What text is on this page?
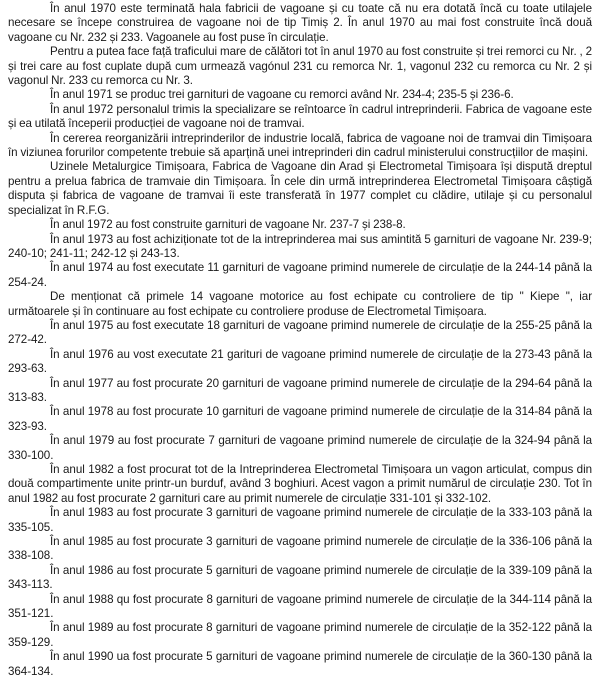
În anul 1970 este terminată hala fabricii de vagoane și cu toate că nu era dotată încă cu toate utilajele necesare se începe construirea de vagoane noi de tip Timiș 2. În anul 1970 au mai fost construite încă două vagoane cu Nr. 232 și 233. Vagoanele au fost puse în circulație.

Pentru a putea face față traficului mare de călători tot în anul 1970 au fost construite și trei remorci cu Nr. , 2 și trei care au fost cuplate după cum urmează vagónul 231 cu remorca Nr. 1, vagonul 232 cu remorca cu Nr. 2 și vagonul Nr. 233 cu remorca cu Nr. 3.

În anul 1971 se produc trei garnituri de vagoane cu remorci având Nr. 234-4; 235-5 și 236-6.

În anul 1972 personalul trimis la specializare se reîntoarce în cadrul intreprinderii. Fabrica de vagoane este și ea utilată începerii producției de vagoane noi de tramvai.

În cererea reorganizării intreprinderilor de industrie locală, fabrica de vagoane noi de tramvai din Timișoara în viziunea forurilor competente trebuie să aparțină unei intreprinderi din cadrul ministerului construcțiilor de mașini.

Uzinele Metalurgice Timișoara, Fabrica de Vagoane din Arad și Electrometal Timișoara își dispută dreptul pentru a prelua fabrica de tramvaie din Timișoara. În cele din urmă intreprinderea Electrometal Timișoara câștigă disputa și fabrica de vagoane de tramvai îi este transferată în 1977 complet cu clădire, utilaje și cu personalul specializat în R.F.G.

În anul 1972 au fost construite garnituri de vagoane Nr. 237-7 și 238-8.

În anul 1973 au fost achiziționate tot de la intreprinderea mai sus amintită 5 garnituri de vagoane Nr. 239-9; 240-10; 241-11; 242-12 și 243-13.

În anul 1974 au fost executate 11 garnituri de vagoane primind numerele de circulație de la 244-14 până la 254-24.

De menționat că primele 14 vagoane motorice au fost echipate cu controliere de tip " Kiepe ", iar următoarele și în continuare au fost echipate cu controliere produse de Electrometal Timișoara.

În anul 1975 au fost executate 18 garnituri de vagoane primind numerele de circulație de la 255-25 până la 272-42.

În anul 1976 au vost executate 21 garituri de vagoane primind numerele de circulație de la 273-43 până la 293-63.

În anul 1977 au fost procurate 20 garnituri de vagoane primind numerele de circulație de la 294-64 până la 313-83.

În anul 1978 au fost procurate 10 garnituri de vagoane primind numerele de circulație de la 314-84 până la 323-93.

În anul 1979 au fost procurate 7 garnituri de vagoane primind numerele de circulație de la 324-94 până la 330-100.

În anul 1982 a fost procurat tot de la Intreprinderea Electrometal Timișoara un vagon articulat, compus din două compartimente unite printr-un burduf, având 3 boghiuri. Acest vagon a primit numărul de circulație 230. Tot în anul 1982 au fost procurate 2 garnituri care au primit numerele de circulație 331-101 și 332-102.

În anul 1983 au fost procurate 3 garnituri de vagoane primind numerele de circulație de la 333-103 până la 335-105.

În anul 1985 au fost procurate 3 garnituri de vagoane primind numerele de circulație de la 336-106 până la 338-108.

În anul 1986 au fost procurate 5 garnituri de vagoane primind numerele de circulație de la 339-109 până la 343-113.

În anul 1988 qu fost procurate 8 garnituri de vagoane primind numerele de circulație de la 344-114 până la 351-121.

În anul 1989 au fost procurate 8 garnituri de vagoane primind numerele de circulație de la 352-122 până la 359-129.

În anul 1990 ua fost procurate 5 garnituri de vagoane primind numerele de circulație de la 360-130 până la 364-134.
